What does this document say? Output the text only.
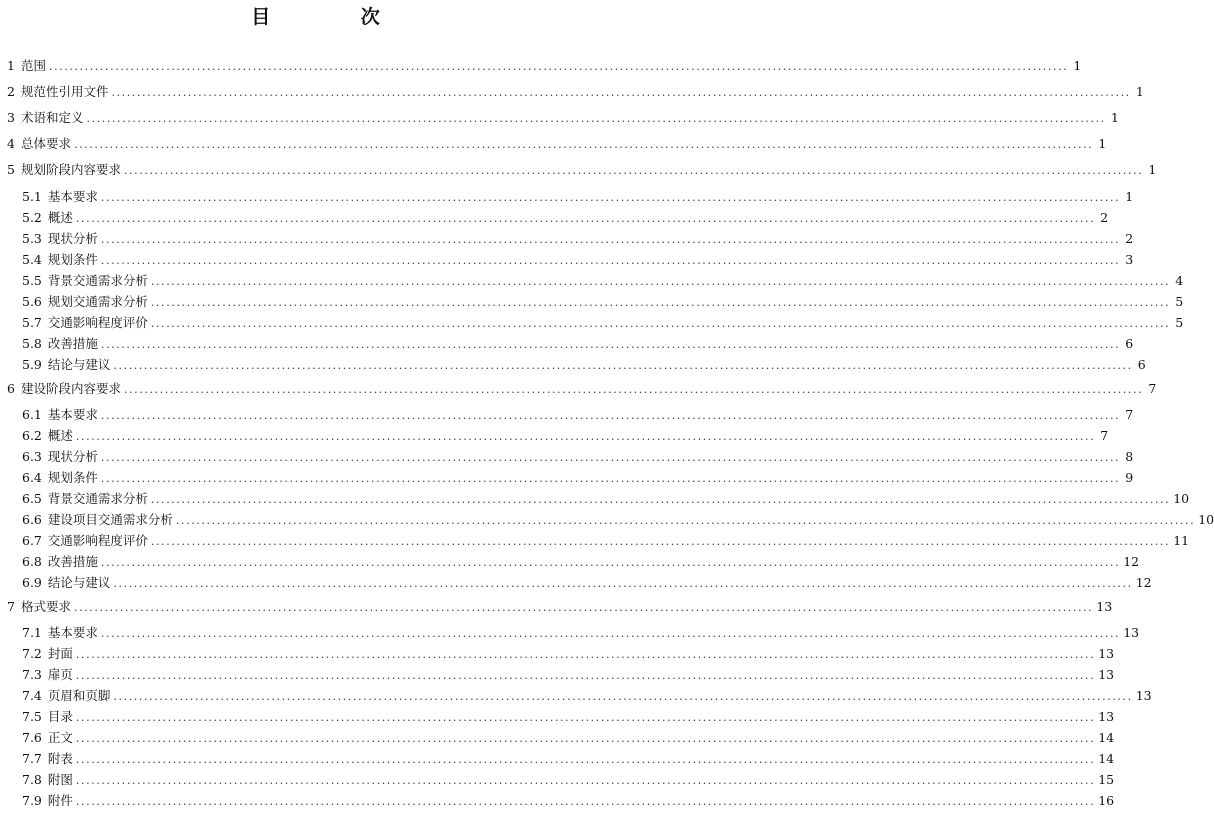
目 次
1 范围 ........................................................................................................................................................................................................ 1
2 规范性引用文件 ........................................................................................................................................................................................................ 1
3 术语和定义 ........................................................................................................................................................................................................ 1
4 总体要求 ........................................................................................................................................................................................................ 1
5 规划阶段内容要求 ........................................................................................................................................................................................................ 1
5.1 基本要求 ........................................................................................................................................................................................................ 1
5.2 概述 ........................................................................................................................................................................................................ 2
5.3 现状分析 ........................................................................................................................................................................................................ 2
5.4 规划条件 ........................................................................................................................................................................................................ 3
5.5 背景交通需求分析 ........................................................................................................................................................................................................ 4
5.6 规划交通需求分析 ........................................................................................................................................................................................................ 5
5.7 交通影响程度评价 ........................................................................................................................................................................................................ 5
5.8 改善措施 ........................................................................................................................................................................................................ 6
5.9 结论与建议 ........................................................................................................................................................................................................ 6
6 建设阶段内容要求 ........................................................................................................................................................................................................ 7
6.1 基本要求 ........................................................................................................................................................................................................ 7
6.2 概述 ........................................................................................................................................................................................................ 7
6.3 现状分析 ........................................................................................................................................................................................................ 8
6.4 规划条件 ........................................................................................................................................................................................................ 9
6.5 背景交通需求分析 ........................................................................................................................................................................................................ 10
6.6 建设项目交通需求分析 ........................................................................................................................................................................................................ 10
6.7 交通影响程度评价 ........................................................................................................................................................................................................ 11
6.8 改善措施 ........................................................................................................................................................................................................ 12
6.9 结论与建议 ........................................................................................................................................................................................................ 12
7 格式要求 ........................................................................................................................................................................................................ 13
7.1 基本要求 ........................................................................................................................................................................................................ 13
7.2 封面 ........................................................................................................................................................................................................ 13
7.3 扉页 ........................................................................................................................................................................................................ 13
7.4 页眉和页脚 ........................................................................................................................................................................................................ 13
7.5 目录 ........................................................................................................................................................................................................ 13
7.6 正文 ........................................................................................................................................................................................................ 14
7.7 附表 ........................................................................................................................................................................................................ 14
7.8 附图 ........................................................................................................................................................................................................ 15
7.9 附件 ........................................................................................................................................................................................................ 16
